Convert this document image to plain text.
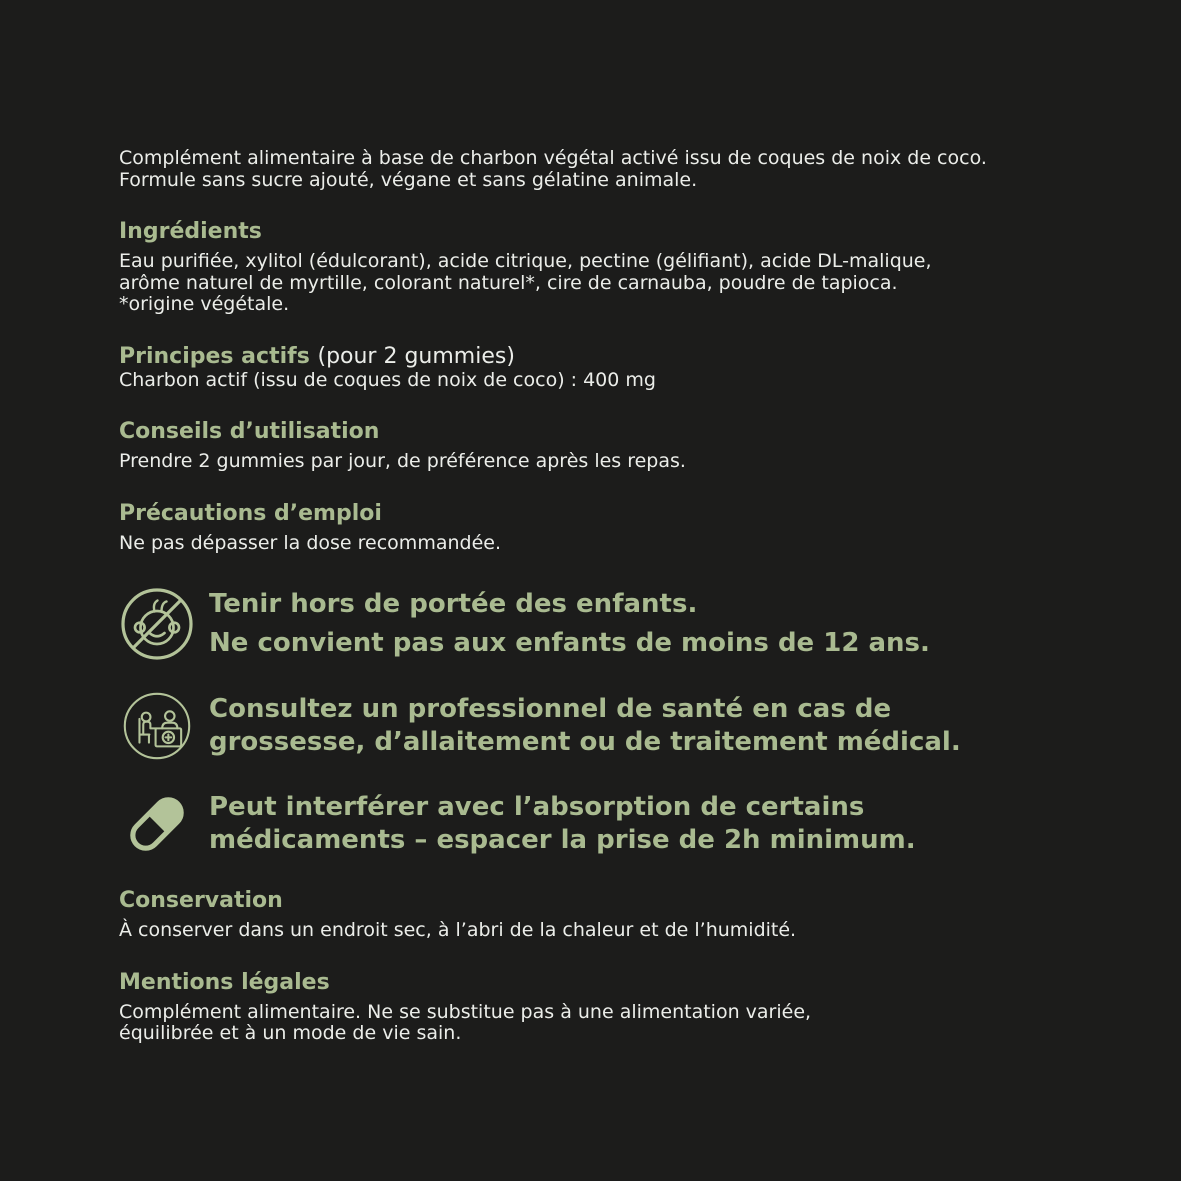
Complément alimentaire à base de charbon végétal activé issu de coques de noix de coco.
Formule sans sucre ajouté, végane et sans gélatine animale.

Ingrédients

Eau purifiée, xylitol (édulcorant), acide citrique, pectine (gélifiant), acide DL-malique,
arôme naturel de myrtille, colorant naturel*, cire de carnauba, poudre de tapioca.
*origine végétale.

Principes actifs (pour 2 gummies)

Charbon actif (issu de coques de noix de coco) : 400 mg

Conseils d’utilisation

Prendre 2 gummies par jour, de préférence après les repas.

Précautions d’emploi

Ne pas dépasser la dose recommandée.

Tenir hors de portée des enfants.
Ne convient pas aux enfants de moins de 12 ans.

Consultez un professionnel de santé en cas de
grossesse, d’allaitement ou de traitement médical.

Peut interférer avec l’absorption de certains
médicaments – espacer la prise de 2h minimum.

Conservation

À conserver dans un endroit sec, à l’abri de la chaleur et de l’humidité.

Mentions légales

Complément alimentaire. Ne se substitue pas à une alimentation variée,
équilibrée et à un mode de vie sain.
